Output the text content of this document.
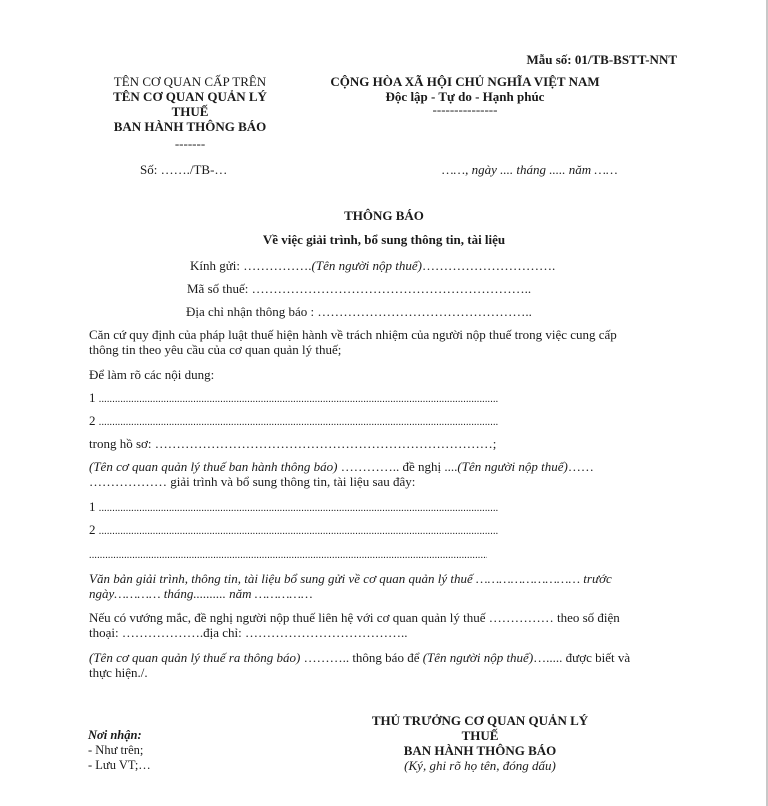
Mẫu số: 01/TB-BSTT-NNT
TÊN CƠ QUAN CẤP TRÊN
TÊN CƠ QUAN QUẢN LÝ
THUẾ
BAN HÀNH THÔNG BÁO
-------
Số: ……./TB-…
CỘNG HÒA XÃ HỘI CHỦ NGHĨA VIỆT NAM
Độc lập - Tự do - Hạnh phúc
---------------
……, ngày .... tháng ..... năm ……
THÔNG BÁO
Về việc giải trình, bổ sung thông tin, tài liệu
Kính gửi: …………….(Tên người nộp thuế)………………………….
Mã số thuế: ………………………………………………………..
Địa chỉ nhận thông báo : …………………………………………..
Căn cứ quy định của pháp luật thuế hiện hành về trách nhiệm của người nộp thuế trong việc cung cấp
thông tin theo yêu cầu của cơ quan quản lý thuế;
Để làm rõ các nội dung:
1 .....
2 .....
trong hồ sơ: ……………………………………………………………………;
(Tên cơ quan quản lý thuế ban hành thông báo) ………….. đề nghị ....(Tên người nộp thuế)……
……………… giải trình và bổ sung thông tin, tài liệu sau đây:
1 .....
2 .....
.....
Văn bản giải trình, thông tin, tài liệu bổ sung gửi về cơ quan quản lý thuế ……………………… trước
ngày………… tháng.......... năm ……………
Nếu có vướng mắc, đề nghị người nộp thuế liên hệ với cơ quan quản lý thuế …………… theo số điện
thoại: ……………….địa chỉ: ………………………………..
(Tên cơ quan quản lý thuế ra thông báo) ……….. thông báo để (Tên người nộp thuế)…..... được biết và
thực hiện./.
Nơi nhận:
- Như trên;
- Lưu VT;…
THỦ TRƯỞNG CƠ QUAN QUẢN LÝ
THUẾ
BAN HÀNH THÔNG BÁO
(Ký, ghi rõ họ tên, đóng dấu)
